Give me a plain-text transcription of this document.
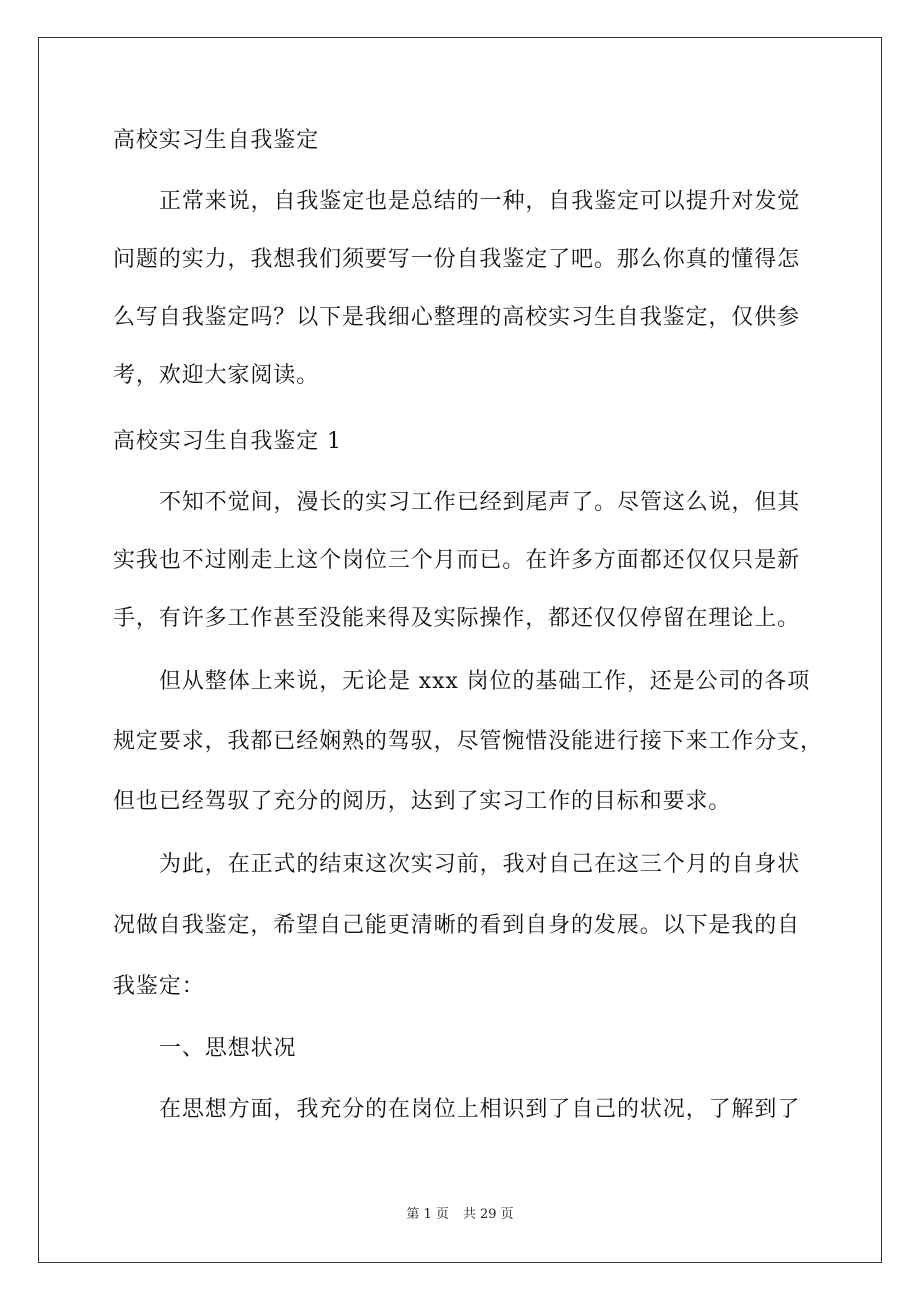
高校实习生自我鉴定
正常来说，自我鉴定也是总结的一种，自我鉴定可以提升对发觉
问题的实力，我想我们须要写一份自我鉴定了吧。那么你真的懂得怎
么写自我鉴定吗？以下是我细心整理的高校实习生自我鉴定，仅供参
考，欢迎大家阅读。
高校实习生自我鉴定 1
不知不觉间，漫长的实习工作已经到尾声了。尽管这么说，但其
实我也不过刚走上这个岗位三个月而已。在许多方面都还仅仅只是新
手，有许多工作甚至没能来得及实际操作，都还仅仅停留在理论上。
但从整体上来说，无论是 xxx 岗位的基础工作，还是公司的各项
规定要求，我都已经娴熟的驾驭，尽管惋惜没能进行接下来工作分支，
但也已经驾驭了充分的阅历，达到了实习工作的目标和要求。
为此，在正式的结束这次实习前，我对自己在这三个月的自身状
况做自我鉴定，希望自己能更清晰的看到自身的发展。以下是我的自
我鉴定：
一、思想状况
在思想方面，我充分的在岗位上相识到了自己的状况，了解到了
第 1 页 共 29 页
